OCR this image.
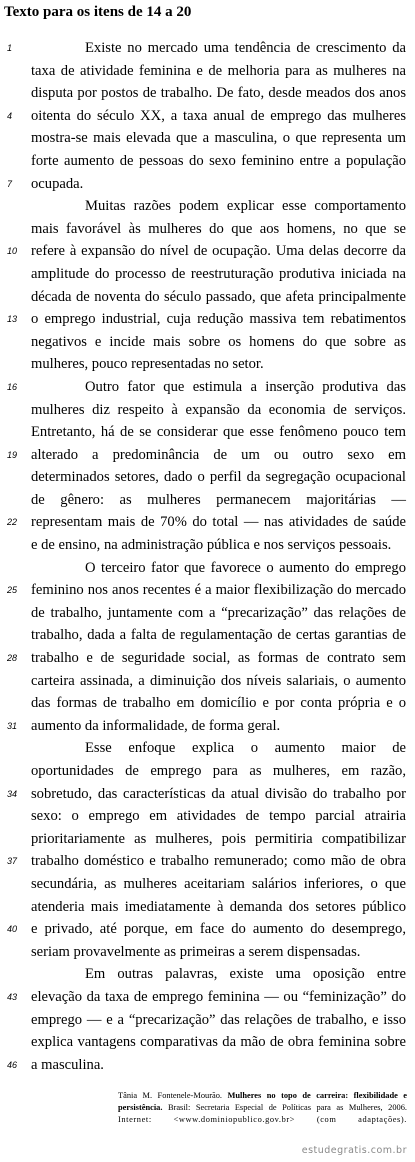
Texto para os itens de 14 a 20
1	Existe no mercado uma tendência de crescimento da
taxa de atividade feminina e de melhoria para as mulheres na
disputa por postos de trabalho. De fato, desde meados dos anos
4	oitenta do século XX, a taxa anual de emprego das mulheres
mostra-se mais elevada que a masculina, o que representa um
forte aumento de pessoas do sexo feminino entre a população
7	ocupada.
Muitas razões podem explicar esse comportamento
mais favorável às mulheres do que aos homens, no que se
10 refere à expansão do nível de ocupação. Uma delas decorre da
amplitude do processo de reestruturação produtiva iniciada na
década de noventa do século passado, que afeta principalmente
13 o emprego industrial, cuja redução massiva tem rebatimentos
negativos e incide mais sobre os homens do que sobre as
mulheres, pouco representadas no setor.
16	Outro fator que estimula a inserção produtiva das
mulheres diz respeito à expansão da economia de serviços.
Entretanto, há de se considerar que esse fenômeno pouco tem
19 alterado a predominância de um ou outro sexo em
determinados setores, dado o perfil da segregação ocupacional
de gênero: as mulheres permanecem majoritárias —
22 representam mais de 70% do total — nas atividades de saúde
e de ensino, na administração pública e nos serviços pessoais.
O terceiro fator que favorece o aumento do emprego
25 feminino nos anos recentes é a maior flexibilização do mercado
de trabalho, juntamente com a “precarização” das relações de
trabalho, dada a falta de regulamentação de certas garantias de
28 trabalho e de seguridade social, as formas de contrato sem
carteira assinada, a diminuição dos níveis salariais, o aumento
das formas de trabalho em domicílio e por conta própria e o
31 aumento da informalidade, de forma geral.
Esse enfoque explica o aumento maior de
oportunidades de emprego para as mulheres, em razão,
34 sobretudo, das características da atual divisão do trabalho por
sexo: o emprego em atividades de tempo parcial atrairia
prioritariamente as mulheres, pois permitiria compatibilizar
37 trabalho doméstico e trabalho remunerado; como mão de obra
secundária, as mulheres aceitariam salários inferiores, o que
atenderia mais imediatamente à demanda dos setores público
40 e privado, até porque, em face do aumento do desemprego,
seriam provavelmente as primeiras a serem dispensadas.
Em outras palavras, existe uma oposição entre
43 elevação da taxa de emprego feminina — ou “feminização” do
emprego — e a “precarização” das relações de trabalho, e isso
explica vantagens comparativas da mão de obra feminina sobre
46 a masculina.
Tânia M. Fontenele-Mourão. Mulheres no topo de carreira: flexibilidade e persistência. Brasil: Secretaria Especial de Políticas para as Mulheres, 2006.
Internet: <www.dominiopublico.gov.br> (com adaptações).
estudegratis.com.br
